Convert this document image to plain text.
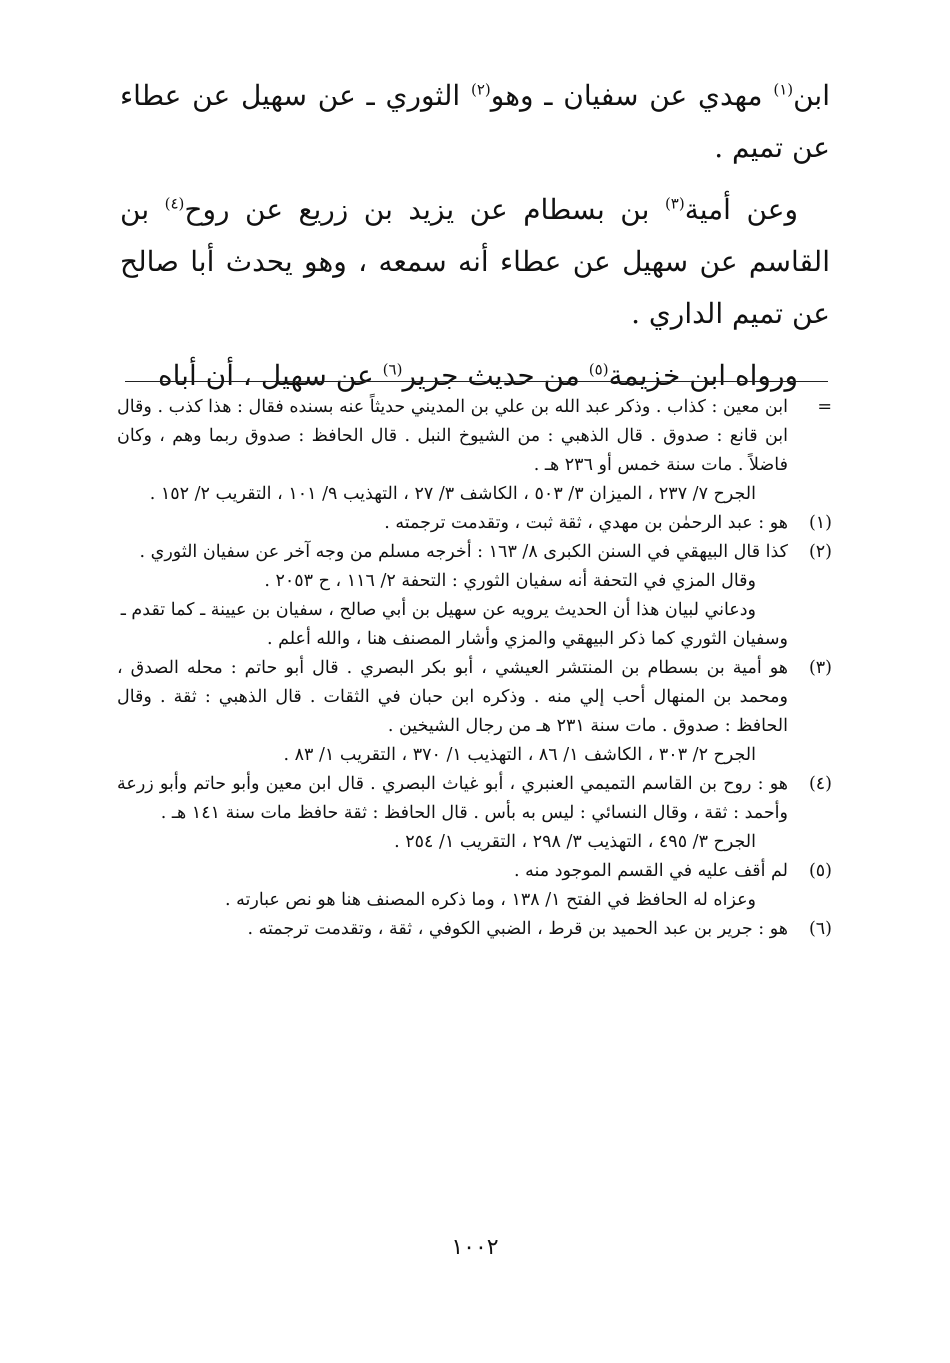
ابن$^{(١)}$ مهدي عن سفيان ـ وهو$^{(٢)}$ الثوري ـ عن سهيل عن عطاء عن تميم .

وعن أمية$^{(٣)}$ بن بسطام عن يزيد بن زريع عن روح$^{(٤)}$ بن القاسم عن سهيل عن عطاء أنه سمعه ، وهو يحدث أبا صالح عن تميم الداري .

ورواه ابن خزيمة$^{(٥)}$ من حديث جرير$^{(٦)}$ عن سهيل ، أن أباه

=
ابن معين : كذاب . وذكر عبد الله بن علي بن المديني حديثاً عنه بسنده فقال : هذا كذب . وقال ابن قانع : صدوق . قال الذهبي : من الشيوخ النبل . قال الحافظ : صدوق ربما وهم ، وكان فاضلاً . مات سنة خمس أو ٢٣٦ هـ .
الجرح ٧/ ٢٣٧ ، الميزان ٣/ ٥٠٣ ، الكاشف ٣/ ٢٧ ، التهذيب ٩/ ١٠١ ، التقريب ٢/ ١٥٢ .
(١)
هو : عبد الرحمٰن بن مهدي ، ثقة ثبت ، وتقدمت ترجمته .
(٢)
كذا قال البيهقي في السنن الكبرى ٨/ ١٦٣ : أخرجه مسلم من وجه آخر عن سفيان الثوري .
وقال المزي في التحفة أنه سفيان الثوري : التحفة ٢/ ١١٦ ، ح ٢٠٥٣ .
ودعاني لبيان هذا أن الحديث يرويه عن سهيل بن أبي صالح ، سفيان بن عيينة ـ كما تقدم ـ وسفيان الثوري كما ذكر البيهقي والمزي وأشار المصنف هنا ، والله أعلم .
(٣)
هو أمية بن بسطام بن المنتشر العيشي ، أبو بكر البصري . قال أبو حاتم : محله الصدق ، ومحمد بن المنهال أحب إلي منه . وذكره ابن حبان في الثقات . قال الذهبي : ثقة . وقال الحافظ : صدوق . مات سنة ٢٣١ هـ من رجال الشيخين .
الجرح ٢/ ٣٠٣ ، الكاشف ١/ ٨٦ ، التهذيب ١/ ٣٧٠ ، التقريب ١/ ٨٣ .
(٤)
هو : روح بن القاسم التميمي العنبري ، أبو غياث البصري . قال ابن معين وأبو حاتم وأبو زرعة وأحمد : ثقة ، وقال النسائي : ليس به بأس . قال الحافظ : ثقة حافظ مات سنة ١٤١ هـ .
الجرح ٣/ ٤٩٥ ، التهذيب ٣/ ٢٩٨ ، التقريب ١/ ٢٥٤ .
(٥)
لم أقف عليه في القسم الموجود منه .
وعزاه له الحافظ في الفتح ١/ ١٣٨ ، وما ذكره المصنف هنا هو نص عبارته .
(٦)
هو : جرير بن عبد الحميد بن قرط ، الضبي الكوفي ، ثقة ، وتقدمت ترجمته .
١٠٠٢
